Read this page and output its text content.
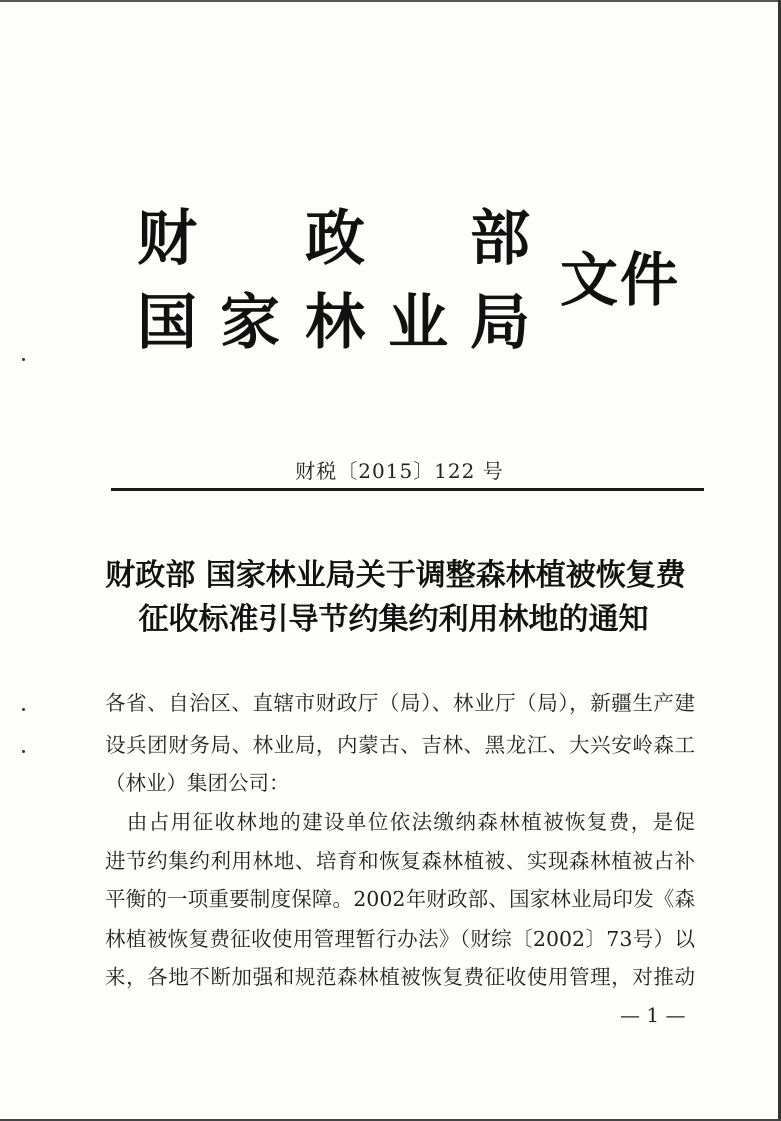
财 政 部
国 家 林 业 局
文件
财税〔2015〕122 号
财政部 国家林业局关于调整森林植被恢复费
征收标准引导节约集约利用林地的通知
各省、自治区、直辖市财政厅（局）、林业厅（局），新疆生产建
设兵团财务局、林业局，内蒙古、吉林、黑龙江、大兴安岭森工
（林业）集团公司：
　由占用征收林地的建设单位依法缴纳森林植被恢复费，是促
进节约集约利用林地、培育和恢复森林植被、实现森林植被占补
平衡的一项重要制度保障。2002年财政部、国家林业局印发《森
林植被恢复费征收使用管理暂行办法》（财综〔2002〕73号）以
来，各地不断加强和规范森林植被恢复费征收使用管理，对推动
— 1 —
